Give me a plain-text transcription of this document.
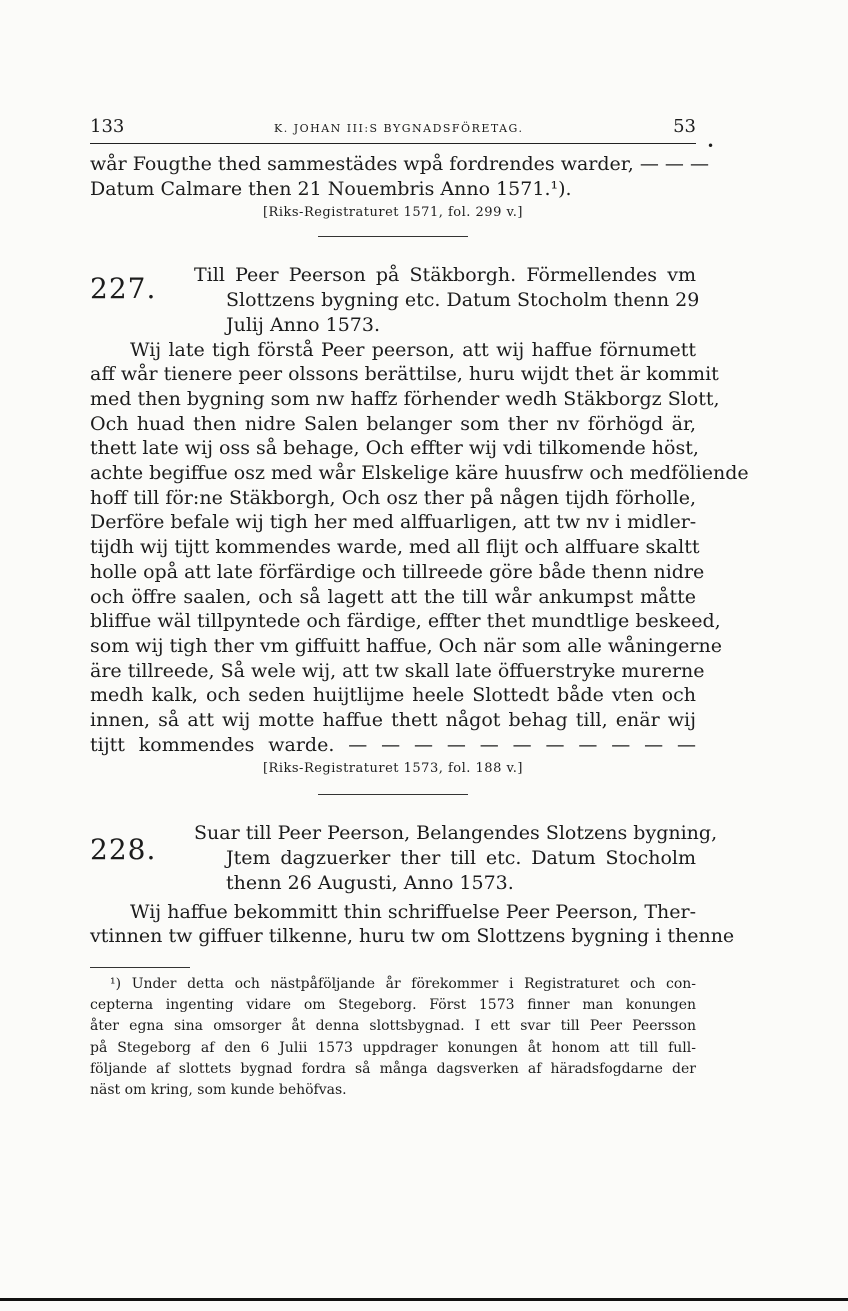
133	K. JOHAN III:S BYGNADSFÖRETAG.	53
wår Fougthe thed sammestädes wpå fordrendes warder, — — —
Datum Calmare then 21 Nouembris Anno 1571.¹).
[Riks-Registraturet 1571, fol. 299 v.]
227. Till Peer Peerson på Stäkborgh. Förmellendes vm
Slottzens bygning etc. Datum Stocholm thenn 29
Julij Anno 1573.
Wij late tigh förstå Peer peerson, att wij haffue förnumett
aff wår tienere peer olssons berättilse, huru wijdt thet är kommit
med then bygning som nw haffz förhender wedh Stäkborgz Slott,
Och huad then nidre Salen belanger som ther nv förhögd är,
thett late wij oss så behage, Och effter wij vdi tilkomende höst,
achte begiffue osz med wår Elskelige käre huusfrw och medföliende
hoff till för:ne Stäkborgh, Och osz ther på någen tijdh förholle,
Derföre befale wij tigh her med alffuarligen, att tw nv i midler-
tijdh wij tijtt kommendes warde, med all flijt och alffuare skaltt
holle opå att late förfärdige och tillreede göre både thenn nidre
och öffre saalen, och så lagett att the till wår ankumpst måtte
bliffue wäl tillpyntede och färdige, effter thet mundtlige beskeed,
som wij tigh ther vm giffuitt haffue, Och när som alle wåningerne
äre tillreede, Så wele wij, att tw skall late öffuerstryke murerne
medh kalk, och seden huijtlijme heele Slottedt både vten och
innen, så att wij motte haffue thett något behag till, enär wij
tijtt kommendes warde. — — — — — — — — — — —
[Riks-Registraturet 1573, fol. 188 v.]
228. Suar till Peer Peerson, Belangendes Slotzens bygning,
Jtem dagzuerker ther till etc. Datum Stocholm
thenn 26 Augusti, Anno 1573.
Wij haffue bekommitt thin schriffuelse Peer Peerson, Ther-
vtinnen tw giffuer tilkenne, huru tw om Slottzens bygning i thenne
¹) Under detta och nästpåföljande år förekommer i Registraturet och con-
cepterna ingenting vidare om Stegeborg. Först 1573 finner man konungen
åter egna sina omsorger åt denna slottsbygnad. I ett svar till Peer Peersson
på Stegeborg af den 6 Julii 1573 uppdrager konungen åt honom att till full-
följande af slottets bygnad fordra så många dagsverken af häradsfogdarne der
näst om kring, som kunde behöfvas.
•
